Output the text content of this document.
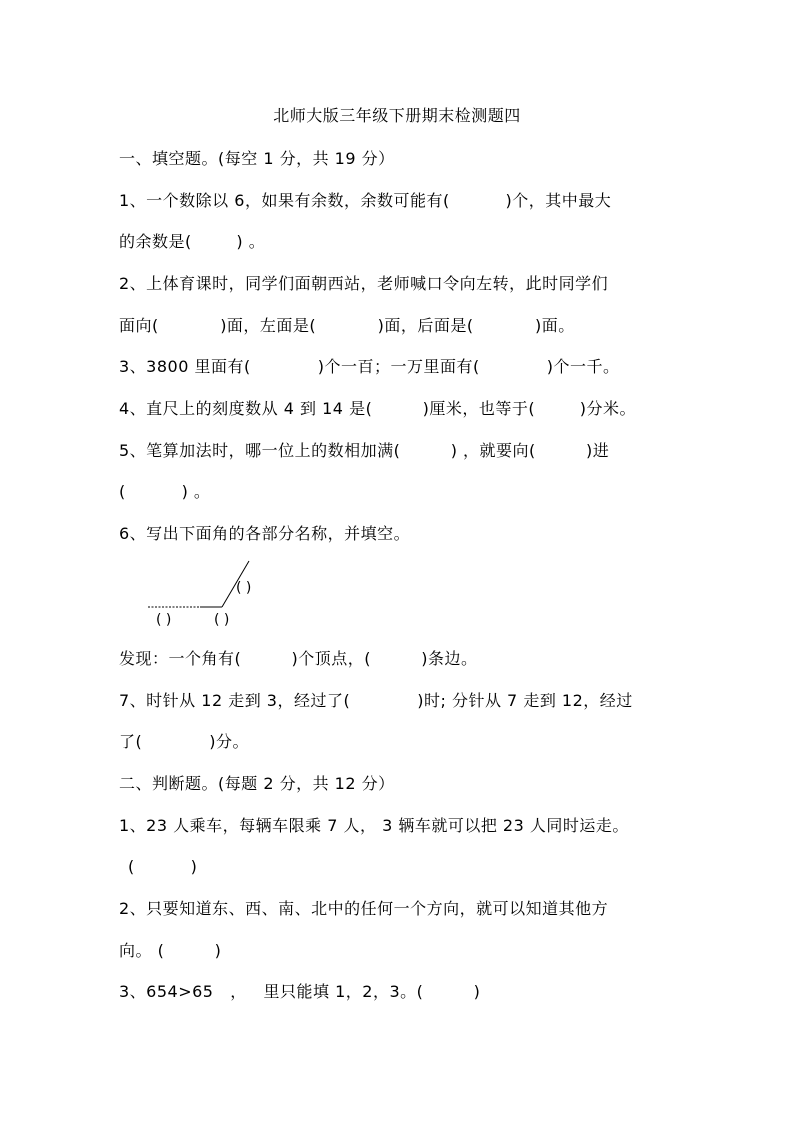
北师大版三年级下册期末检测题四
一、填空题。(每空 1 分，共 19 分）
1、一个数除以 6，如果有余数，余数可能有(          )个，其中最大
的余数是(        ) 。
2、上体育课时，同学们面朝西站，老师喊口令向左转，此时同学们
面向(           )面，左面是(           )面，后面是(           )面。
3、3800 里面有(            )个一百；一万里面有(            )个一千。
4、直尺上的刻度数从 4 到 14 是(         )厘米，也等于(        )分米。
5、笔算加法时，哪一位上的数相加满(         ) ，就要向(         )进
(          ) 。
6、写出下面角的各部分名称，并填空。
( )
( )	( )
发现：一个角有(         )个顶点，(         )条边。
7、时针从 12 走到 3，经过了(            )时; 分针从 7 走到 12，经过
了(            )分。
二、判断题。(每题 2 分，共 12 分）
1、23 人乘车，每辆车限乘 7 人， 3 辆车就可以把 23 人同时运走。
(          )
2、只要知道东、西、南、北中的任何一个方向，就可以知道其他方
向。 (         )
3、654>65   ，   里只能填 1，2，3。(         )
